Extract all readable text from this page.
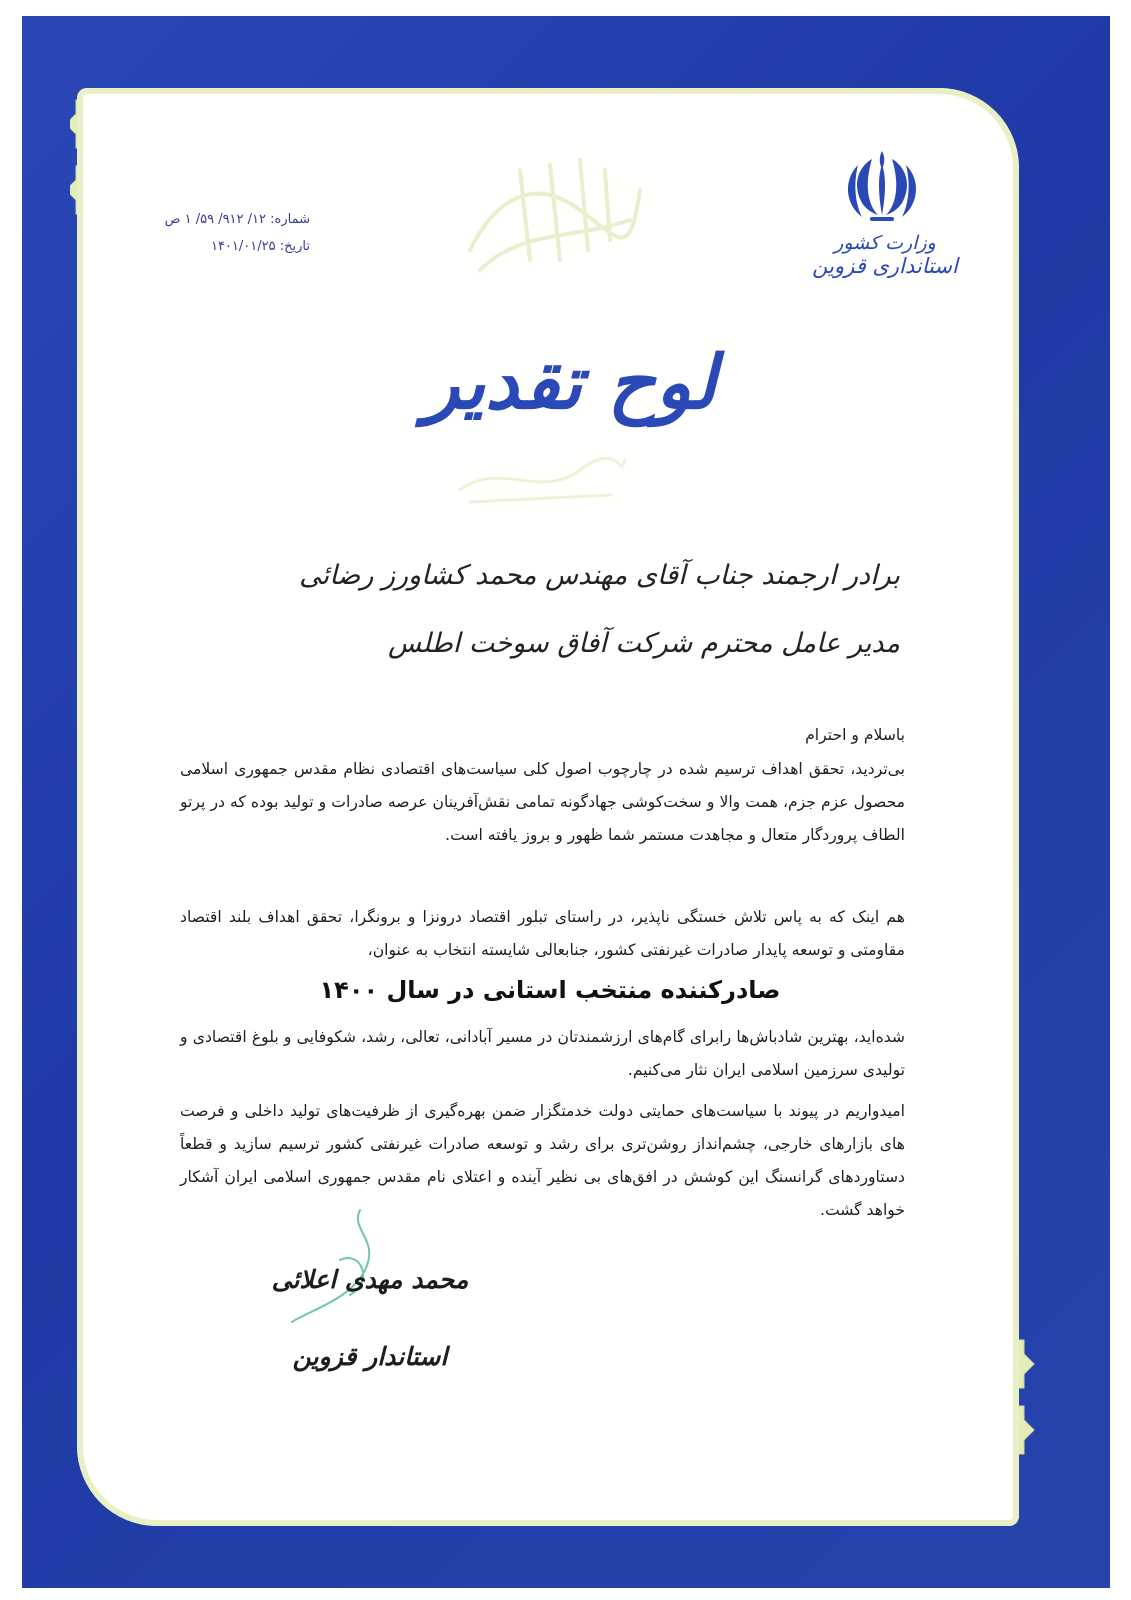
وزارت کشور
استانداری قزوین
شماره: ۱۲/ ۹۱۲/ ۵۹/ ۱ ص
تاریخ: ۱۴۰۱/۰۱/۲۵
لوح تقدیر
برادر ارجمند جناب آقای مهندس محمد کشاورز رضائی
مدیر عامل محترم شرکت آفاق سوخت اطلس
باسلام و احترام
بی‌تردید، تحقق اهداف ترسیم شده در چارچوب اصول کلی سیاست‌های اقتصادی نظام مقدس جمهوری اسلامی محصول عزم جزم، همت والا و سخت‌کوشی جهادگونه تمامی نقش‌آفرینان عرصه صادرات و تولید بوده که در پرتو الطاف پروردگار متعال و مجاهدت مستمر شما ظهور و بروز یافته است.
هم اینک که به پاس تلاش خستگی ناپذیر، در راستای تبلور اقتصاد درونزا و برونگرا، تحقق اهداف بلند اقتصاد مقاومتی و توسعه پایدار صادرات غیرنفتی کشور، جنابعالی شایسته انتخاب به عنوان،
صادرکننده منتخب استانی در سال ۱۴۰۰
شده‌اید، بهترین شادباش‌ها رابرای گام‌های ارزشمندتان در مسیر آبادانی، تعالی، رشد، شکوفایی و بلوغ اقتصادی و تولیدی سرزمین اسلامی ایران نثار می‌کنیم.
امیدواریم در پیوند با سیاست‌های حمایتی دولت خدمتگزار ضمن بهره‌گیری از ظرفیت‌های تولید داخلی و فرصت های بازارهای خارجی، چشم‌انداز روشن‌تری برای رشد و توسعه صادرات غیرنفتی کشور ترسیم سازید و قطعاً دستاوردهای گرانسنگ این کوشش در افق‌های بی نظیر آینده و اعتلای نام مقدس جمهوری اسلامی ایران آشکار خواهد گشت.
محمد مهدی اعلائی
استاندار قزوین
